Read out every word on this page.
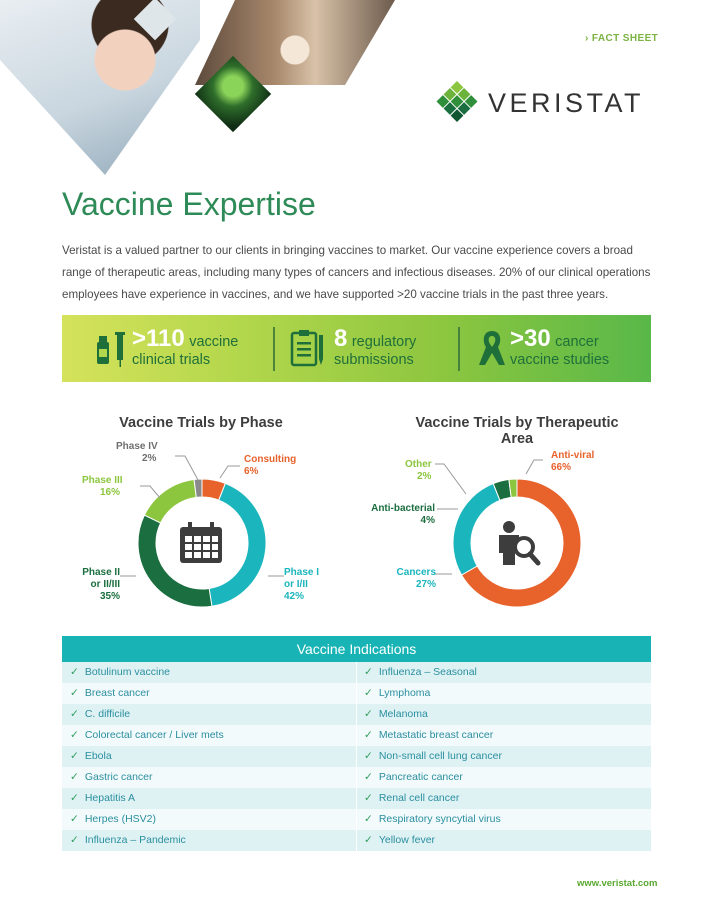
› FACT SHEET
VERISTAT
Vaccine Expertise
Veristat is a valued partner to our clients in bringing vaccines to market. Our vaccine experience covers a broad range of therapeutic areas, including many types of cancers and infectious diseases. 20% of our clinical operations employees have experience in vaccines, and we have supported >20 vaccine trials in the past three years.
>110 vaccine
clinical trials
8 regulatory
submissions
>30 cancer
vaccine studies
Vaccine Trials by Phase
Phase IV
2%	Consulting
6%
Phase III
16%
Phase II
or II/III
35%
Phase I
or I/II
42%
Vaccine Trials by Therapeutic Area
Anti-viral
66%
Other
2%
Anti-bacterial
4%
Cancers
27%
Vaccine Indications
✓ Botulinum vaccine	✓ Influenza – Seasonal
✓ Breast cancer	✓ Lymphoma
✓ C. difficile	✓ Melanoma
✓ Colorectal cancer / Liver mets	✓ Metastatic breast cancer
✓ Ebola	✓ Non-small cell lung cancer
✓ Gastric cancer	✓ Pancreatic cancer
✓ Hepatitis A	✓ Renal cell cancer
✓ Herpes (HSV2)	✓ Respiratory syncytial virus
✓ Influenza – Pandemic	✓ Yellow fever
www.veristat.com
